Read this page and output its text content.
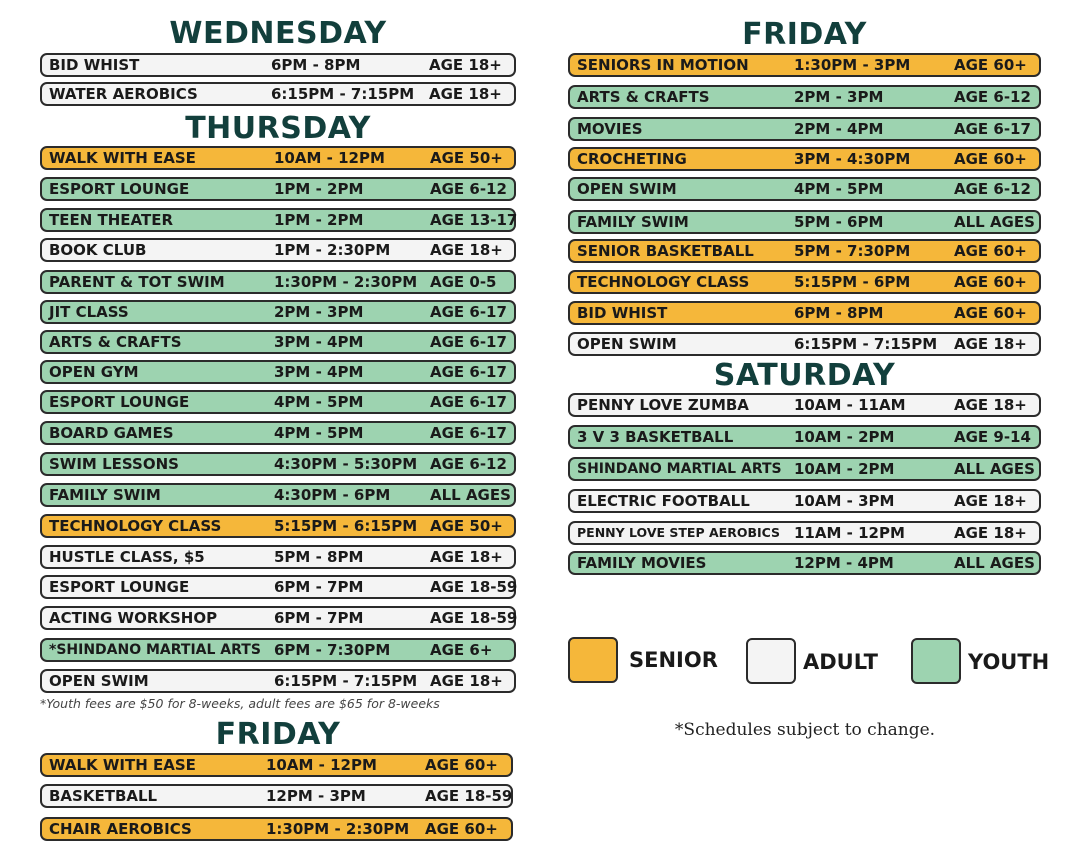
WEDNESDAY
BID WHIST	6PM - 8PM	AGE 18+
WATER AEROBICS	6:15PM - 7:15PM AGE 18+
THURSDAY
WALK WITH EASE	10AM - 12PM	AGE 50+
ESPORT LOUNGE	1PM - 2PM	AGE 6-12
TEEN THEATER	1PM - 2PM	AGE 13-17
BOOK CLUB	1PM - 2:30PM	AGE 18+
PARENT & TOT SWIM	1:30PM - 2:30PM AGE 0-5
JIT CLASS	2PM - 3PM	AGE 6-17
ARTS & CRAFTS	3PM - 4PM	AGE 6-17
OPEN GYM	3PM - 4PM	AGE 6-17
ESPORT LOUNGE	4PM - 5PM	AGE 6-17
BOARD GAMES	4PM - 5PM	AGE 6-17
SWIM LESSONS	4:30PM - 5:30PM AGE 6-12
FAMILY SWIM	4:30PM - 6PM	ALL AGES
TECHNOLOGY CLASS	5:15PM - 6:15PM AGE 50+
HUSTLE CLASS, $5	5PM - 8PM	AGE 18+
ESPORT LOUNGE	6PM - 7PM	AGE 18-59
ACTING WORKSHOP	6PM - 7PM	AGE 18-59
*SHINDANO MARTIAL ARTS 6PM - 7:30PM	AGE 6+
OPEN SWIM	6:15PM - 7:15PM AGE 18+
*Youth fees are $50 for 8-weeks, adult fees are $65 for 8-weeks
FRIDAY
WALK WITH EASE	10AM - 12PM	AGE 60+
BASKETBALL	12PM - 3PM	AGE 18-59
CHAIR AEROBICS	1:30PM - 2:30PM AGE 60+
FRIDAY
SENIORS IN MOTION	1:30PM - 3PM	AGE 60+
ARTS & CRAFTS	2PM - 3PM	AGE 6-12
MOVIES	2PM - 4PM	AGE 6-17
CROCHETING	3PM - 4:30PM	AGE 60+
OPEN SWIM	4PM - 5PM	AGE 6-12
FAMILY SWIM	5PM - 6PM	ALL AGES
SENIOR BASKETBALL	5PM - 7:30PM	AGE 60+
TECHNOLOGY CLASS	5:15PM - 6PM	AGE 60+
BID WHIST	6PM - 8PM	AGE 60+
OPEN SWIM	6:15PM - 7:15PM AGE 18+
SATURDAY
PENNY LOVE ZUMBA	10AM - 11AM	AGE 18+
3 V 3 BASKETBALL	10AM - 2PM	AGE 9-14
SHINDANO MARTIAL ARTS 10AM - 2PM	ALL AGES
ELECTRIC FOOTBALL	10AM - 3PM	AGE 18+
PENNY LOVE STEP AEROBICS 11AM - 12PM	AGE 18+
FAMILY MOVIES	12PM - 4PM	ALL AGES
SENIOR	ADULT	YOUTH
*Schedules subject to change.
